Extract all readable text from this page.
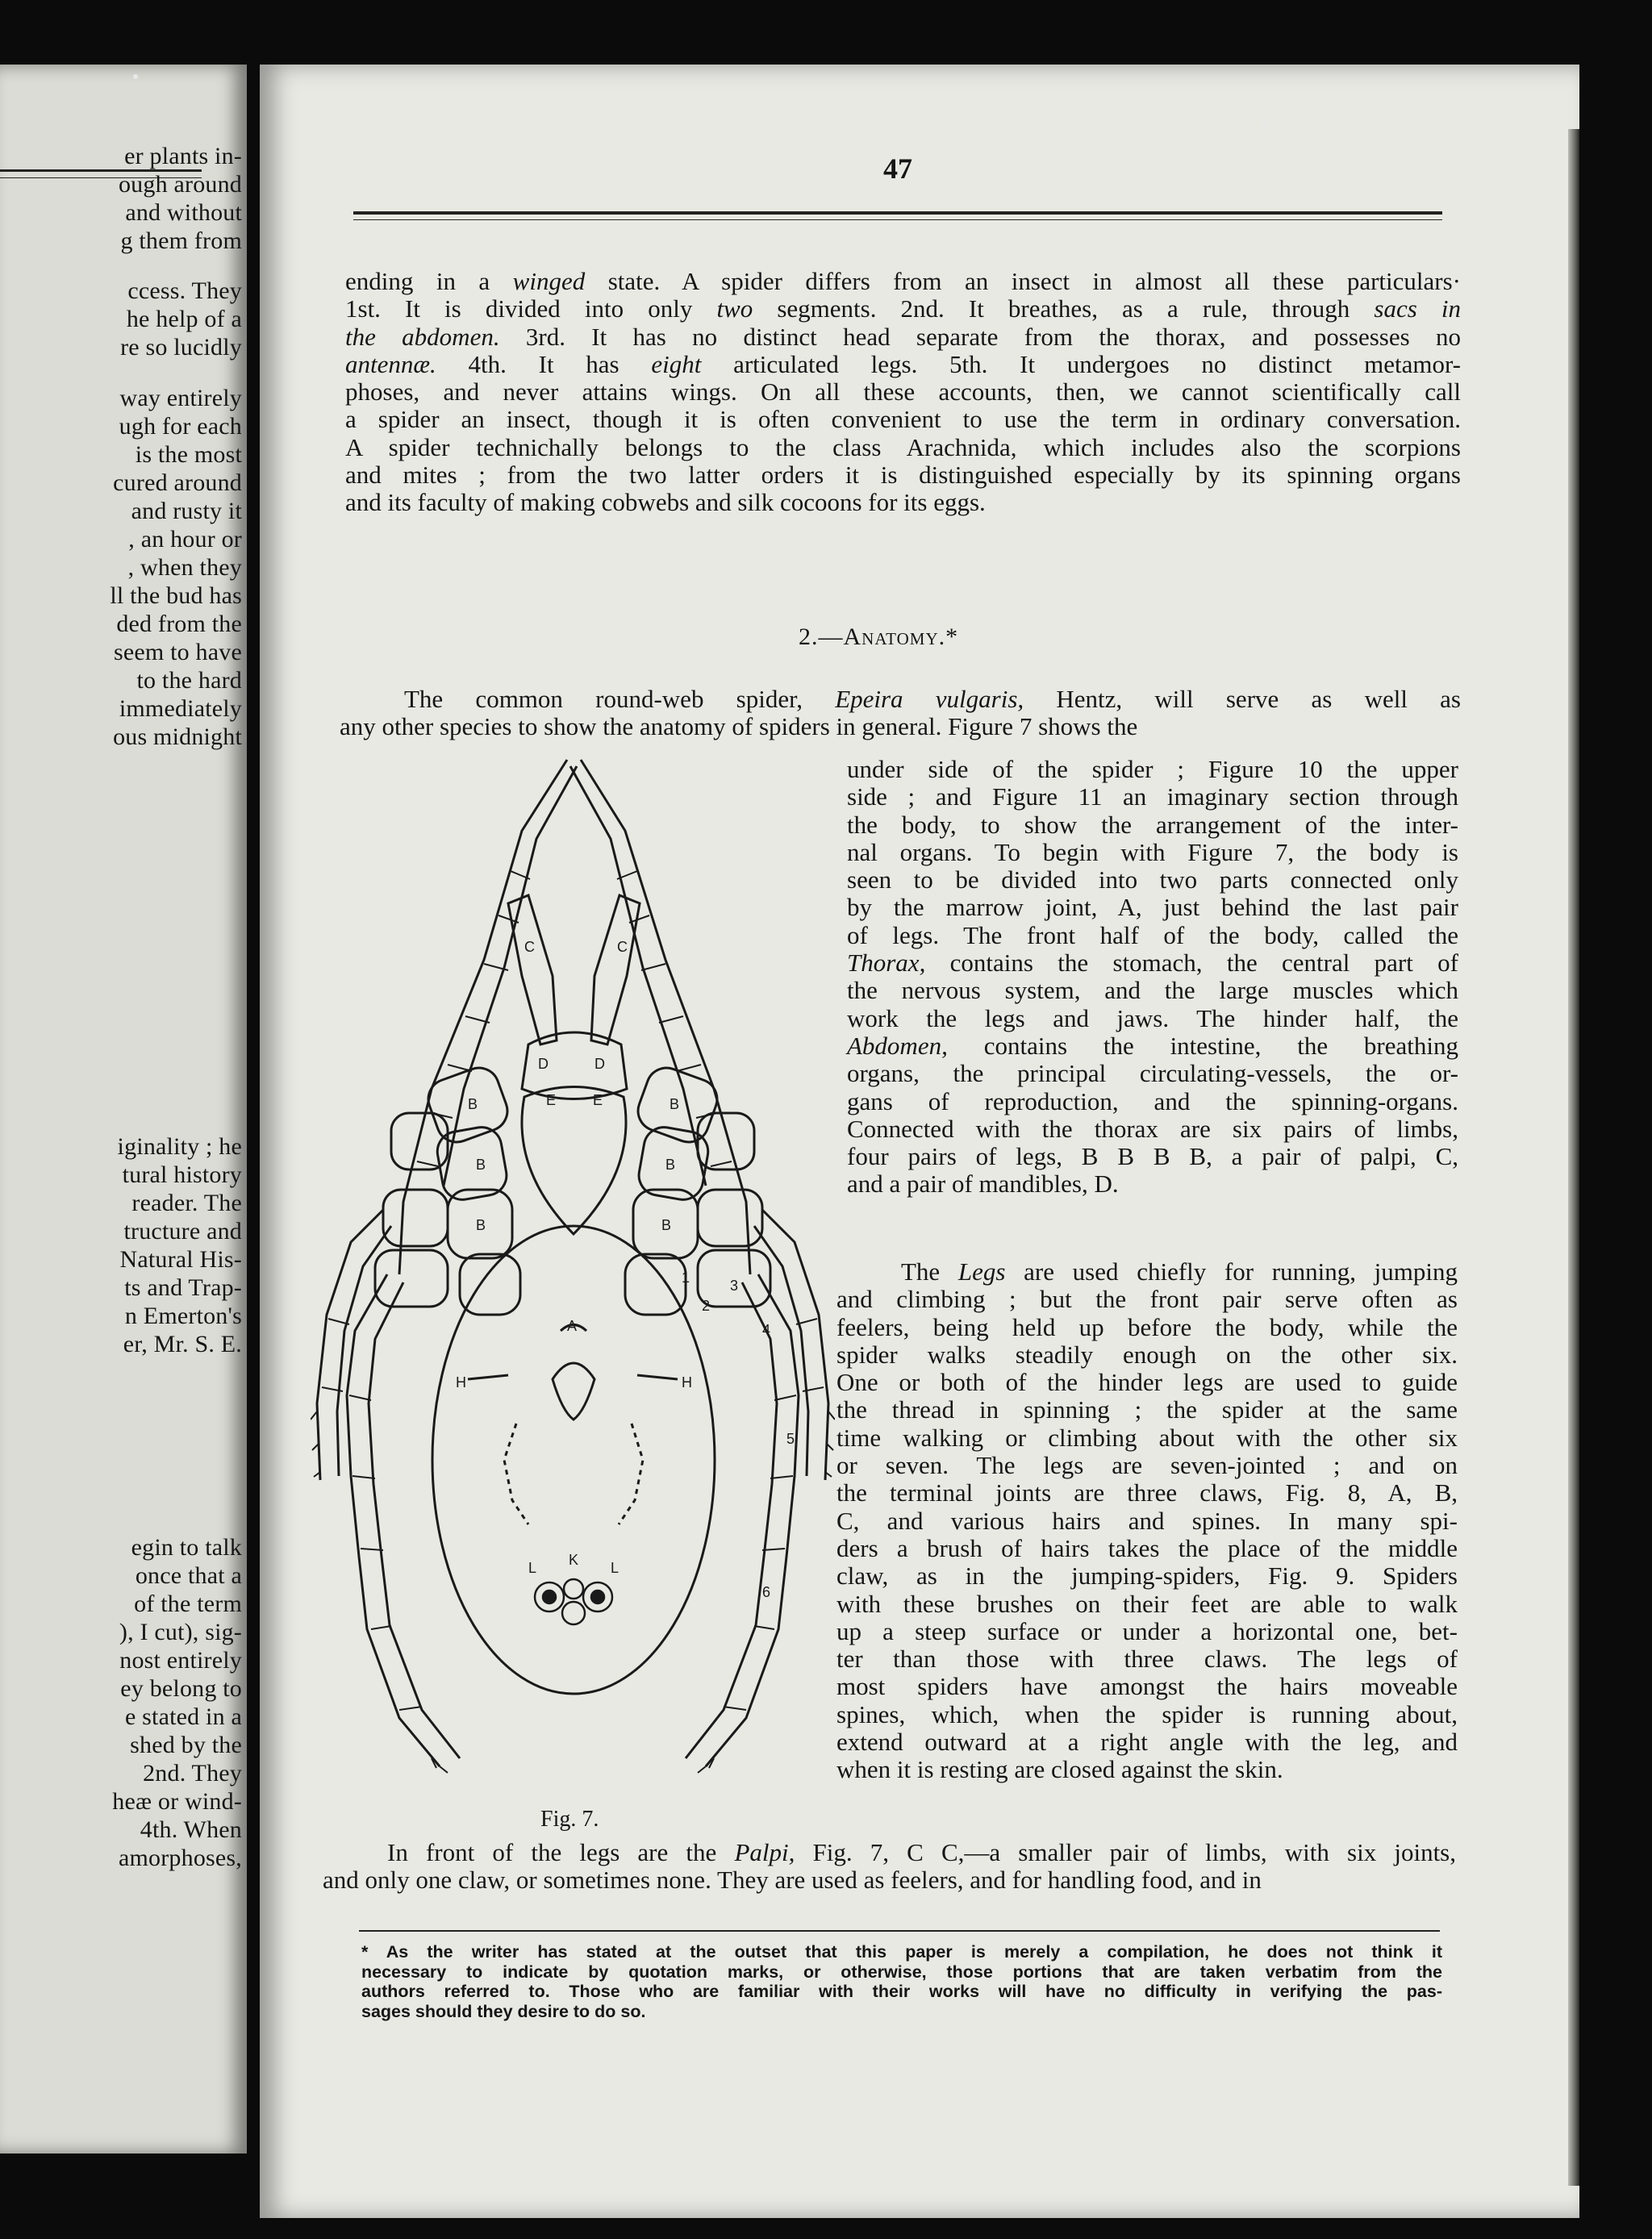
er plants in-
ough around
and without
g them from
ccess. They
he help of a
re so lucidly
way entirely
ugh for each
is the most
cured around
and rusty it
, an hour or
, when they
ll the bud has
ded from the
seem to have
to the hard
immediately
ous midnight
iginality ; he
tural history
reader. The
tructure and
Natural His-
ts and Trap-
n Emerton's
er, Mr. S. E.
egin to talk
once that a
of the term
), I cut), sig-
nost entirely
ey belong to
e stated in a
shed by the
2nd. They
heæ or wind-
4th. When
amorphoses,
47
ending in a winged state. A spider differs from an insect in almost all these particulars·
1st. It is divided into only two segments. 2nd. It breathes, as a rule, through sacs in
the abdomen. 3rd. It has no distinct head separate from the thorax, and possesses no
antennæ. 4th. It has eight articulated legs. 5th. It undergoes no distinct metamor-
phoses, and never attains wings. On all these accounts, then, we cannot scientifically call
a spider an insect, though it is often convenient to use the term in ordinary conversation.
A spider technichally belongs to the class Arachnida, which includes also the scorpions
and mites ; from the two latter orders it is distinguished especially by its spinning organs
and its faculty of making cobwebs and silk cocoons for its eggs.
2.—Anatomy.*
The common round-web spider, Epeira vulgaris, Hentz, will serve as well as
any other species to show the anatomy of spiders in general. Figure 7 shows the
under side of the spider ; Figure 10 the upper
side ; and Figure 11 an imaginary section through
the body, to show the arrangement of the inter-
nal organs. To begin with Figure 7, the body is
seen to be divided into two parts connected only
by the marrow joint, A, just behind the last pair
of legs. The front half of the body, called the
Thorax, contains the stomach, the central part of
the nervous system, and the large muscles which
work the legs and jaws. The hinder half, the
Abdomen, contains the intestine, the breathing
organs, the principal circulating-vessels, the or-
gans of reproduction, and the spinning-organs.
Connected with the thorax are six pairs of limbs,
four pairs of legs, B B B B, a pair of palpi, C,
and a pair of mandibles, D.
The Legs are used chiefly for running, jumping
and climbing ; but the front pair serve often as
feelers, being held up before the body, while the
spider walks steadily enough on the other six.
One or both of the hinder legs are used to guide
the thread in spinning ; the spider at the same
time walking or climbing about with the other six
or seven. The legs are seven-jointed ; and on
the terminal joints are three claws, Fig. 8, A, B,
C, and various hairs and spines. In many spi-
ders a brush of hairs takes the place of the middle
claw, as in the jumping-spiders, Fig. 9. Spiders
with these brushes on their feet are able to walk
up a steep surface or under a horizontal one, bet-
ter than those with three claws. The legs of
most spiders have amongst the hairs moveable
spines, which, when the spider is running about,
extend outward at a right angle with the leg, and
when it is resting are closed against the skin.
In front of the legs are the Palpi, Fig. 7, C C,—a smaller pair of limbs, with six joints,
and only one claw, or sometimes none. They are used as feelers, and for handling food, and in
D	D
E	E
C	C
B
B
B
B
B
B
A
H	H
K
L	L
1
2
3
4
5
6
Fig. 7.
* As the writer has stated at the outset that this paper is merely a compilation, he does not think it
necessary to indicate by quotation marks, or otherwise, those portions that are taken verbatim from the
authors referred to. Those who are familiar with their works will have no difficulty in verifying the pas-
sages should they desire to do so.
